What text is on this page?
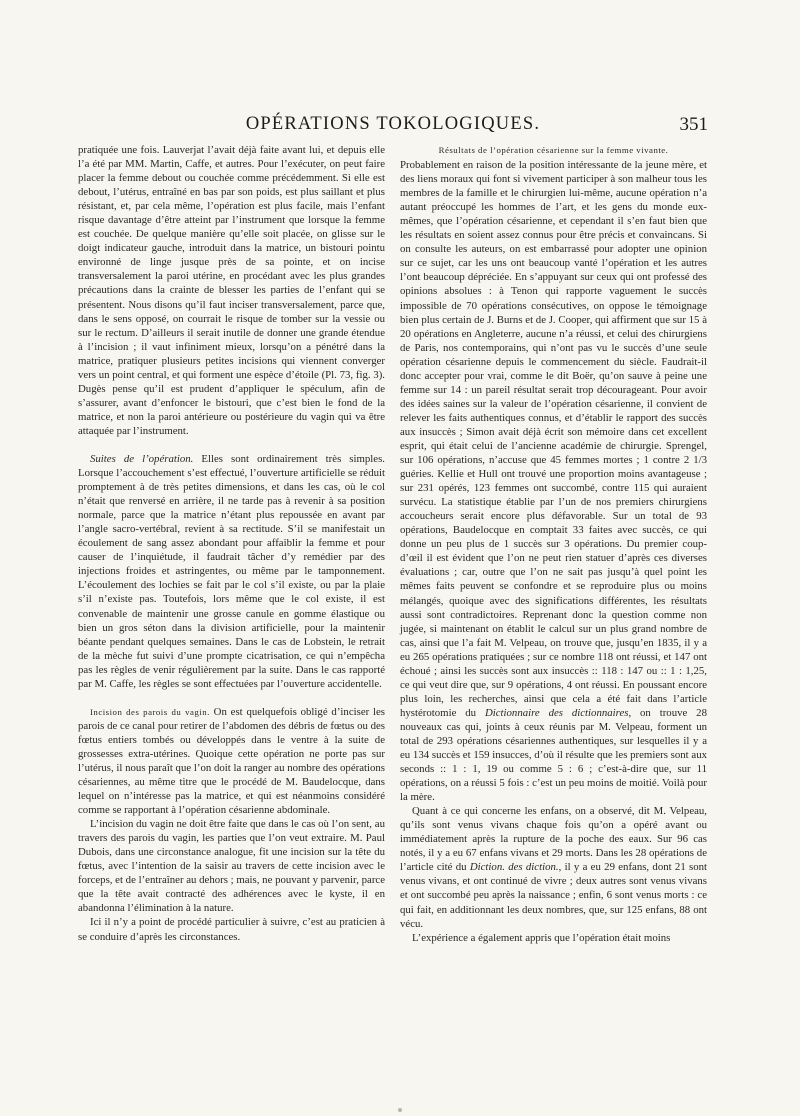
OPÉRATIONS TOKOLOGIQUES.	351

pratiquée une fois. Lauverjat l’avait déjà faite avant lui, et depuis elle l’a été par MM. Martin, Caffe, et autres. Pour l’exécuter, on peut faire placer la femme debout ou couchée comme précédemment. Si elle est debout, l’utérus, entraîné en bas par son poids, est plus saillant et plus résistant, et, par cela même, l’opération est plus facile, mais l’enfant risque davantage d’être atteint par l’instrument que lorsque la femme est couchée. De quelque manière qu’elle soit placée, on glisse sur le doigt indicateur gauche, introduit dans la matrice, un bistouri pointu environné de linge jusque près de sa pointe, et on incise transversalement la paroi utérine, en procédant avec les plus grandes précautions dans la crainte de blesser les parties de l’enfant qui se présentent. Nous disons qu’il faut inciser transversalement, parce que, dans le sens opposé, on courrait le risque de tomber sur la vessie ou sur le rectum. D’ailleurs il serait inutile de donner une grande étendue à l’incision ; il vaut infiniment mieux, lorsqu’on a pénétré dans la matrice, pratiquer plusieurs petites incisions qui viennent converger vers un point central, et qui forment une espèce d’étoile (Pl. 73, fig. 3). Dugès pense qu’il est prudent d’appliquer le spéculum, afin de s’assurer, avant d’enfoncer le bistouri, que c’est bien le fond de la matrice, et non la paroi antérieure ou postérieure du vagin qui va être attaquée par l’instrument.

Suites de l’opération. Elles sont ordinairement très simples. Lorsque l’accouchement s’est effectué, l’ouverture artificielle se réduit promptement à de très petites dimensions, et dans les cas, où le col n’était que renversé en arrière, il ne tarde pas à revenir à sa position normale, parce que la matrice n’étant plus repoussée en avant par l’angle sacro-vertébral, revient à sa rectitude. S’il se manifestait un écoulement de sang assez abondant pour affaiblir la femme et pour causer de l’inquiétude, il faudrait tâcher d’y remédier par des injections froides et astringentes, ou même par le tamponnement. L’écoulement des lochies se fait par le col s’il existe, ou par la plaie s’il n’existe pas. Toutefois, lors même que le col existe, il est convenable de maintenir une grosse canule en gomme élastique ou bien un gros séton dans la division artificielle, pour la maintenir béante pendant quelques semaines. Dans le cas de Lobstein, le retrait de la mèche fut suivi d’une prompte cicatrisation, ce qui n’empêcha pas les règles de venir régulièrement par la suite. Dans le cas rapporté par M. Caffe, les règles se sont effectuées par l’ouverture accidentelle.

Incision des parois du vagin. On est quelquefois obligé d’inciser les parois de ce canal pour retirer de l’abdomen des débris de fœtus ou des fœtus entiers tombés ou développés dans le ventre à la suite de grossesses extra-utérines. Quoique cette opération ne porte pas sur l’utérus, il nous paraît que l’on doit la ranger au nombre des opérations césariennes, au même titre que le procédé de M. Baudelocque, dans lequel on n’intéresse pas la matrice, et qui est néanmoins considéré comme se rapportant à l’opération césarienne abdominale.

L’incision du vagin ne doit être faite que dans le cas où l’on sent, au travers des parois du vagin, les parties que l’on veut extraire. M. Paul Dubois, dans une circonstance analogue, fit une incision sur la tête du fœtus, avec l’intention de la saisir au travers de cette incision avec le forceps, et de l’entraîner au dehors ; mais, ne pouvant y parvenir, parce que la tête avait contracté des adhérences avec le kyste, il en abandonna l’élimination à la nature.

Ici il n’y a point de procédé particulier à suivre, c’est au praticien à se conduire d’après les circonstances.

Résultats de l’opération césarienne sur la femme vivante.

Probablement en raison de la position intéressante de la jeune mère, et des liens moraux qui font si vivement participer à son malheur tous les membres de la famille et le chirurgien lui-même, aucune opération n’a autant préoccupé les hommes de l’art, et les gens du monde eux-mêmes, que l’opération césarienne, et cependant il s’en faut bien que les résultats en soient assez connus pour être précis et convaincans. Si on consulte les auteurs, on est embarrassé pour adopter une opinion sur ce sujet, car les uns ont beaucoup vanté l’opération et les autres l’ont beaucoup dépréciée. En s’appuyant sur ceux qui ont professé des opinions absolues : à Tenon qui rapporte vaguement le succès impossible de 70 opérations consécutives, on oppose le témoignage bien plus certain de J. Burns et de J. Cooper, qui affirment que sur 15 à 20 opérations en Angleterre, aucune n’a réussi, et celui des chirurgiens de Paris, nos contemporains, qui n’ont pas vu le succès d’une seule opération césarienne depuis le commencement du siècle. Faudrait-il donc accepter pour vrai, comme le dit Boër, qu’on sauve à peine une femme sur 14 : un pareil résultat serait trop décourageant. Pour avoir des idées saines sur la valeur de l’opération césarienne, il convient de relever les faits authentiques connus, et d’établir le rapport des succès aux insuccès ; Simon avait déjà écrit son mémoire dans cet excellent esprit, qui était celui de l’ancienne académie de chirurgie. Sprengel, sur 106 opérations, n’accuse que 45 femmes mortes ; 1 contre 2 1/3 guéries. Kellie et Hull ont trouvé une proportion moins avantageuse ; sur 231 opérés, 123 femmes ont succombé, contre 115 qui auraient survécu. La statistique établie par l’un de nos premiers chirurgiens accoucheurs serait encore plus défavorable. Sur un total de 93 opérations, Baudelocque en comptait 33 faites avec succès, ce qui donne un peu plus de 1 succès sur 3 opérations. Du premier coup-d’œil il est évident que l’on ne peut rien statuer d’après ces diverses évaluations ; car, outre que l’on ne sait pas jusqu’à quel point les mêmes faits peuvent se confondre et se reproduire plus ou moins mélangés, quoique avec des significations différentes, les résultats aussi sont contradictoires. Reprenant donc la question comme non jugée, si maintenant on établit le calcul sur un plus grand nombre de cas, ainsi que l’a fait M. Velpeau, on trouve que, jusqu’en 1835, il y a eu 265 opérations pratiquées ; sur ce nombre 118 ont réussi, et 147 ont échoué ; ainsi les succès sont aux insuccès :: 118 : 147 ou :: 1 : 1,25, ce qui veut dire que, sur 9 opérations, 4 ont réussi. En poussant encore plus loin, les recherches, ainsi que cela a été fait dans l’article hystérotomie du Dictionnaire des dictionnaires, on trouve 28 nouveaux cas qui, joints à ceux réunis par M. Velpeau, forment un total de 293 opérations césariennes authentiques, sur lesquelles il y a eu 134 succès et 159 insucces, d’où il résulte que les premiers sont aux seconds :: 1 : 1, 19 ou comme 5 : 6 ; c’est-à-dire que, sur 11 opérations, on a réussi 5 fois : c’est un peu moins de moitié. Voilà pour la mère.

Quant à ce qui concerne les enfans, on a observé, dit M. Velpeau, qu’ils sont venus vivans chaque fois qu’on a opéré avant ou immédiatement après la rupture de la poche des eaux. Sur 96 cas notés, il y a eu 67 enfans vivans et 29 morts. Dans les 28 opérations de l’article cité du Diction. des diction., il y a eu 29 enfans, dont 21 sont venus vivans, et ont continué de vivre ; deux autres sont venus vivans et ont succombé peu après la naissance ; enfin, 6 sont venus morts : ce qui fait, en additionnant les deux nombres, que, sur 125 enfans, 88 ont vécu.

L’expérience a également appris que l’opération était moins
